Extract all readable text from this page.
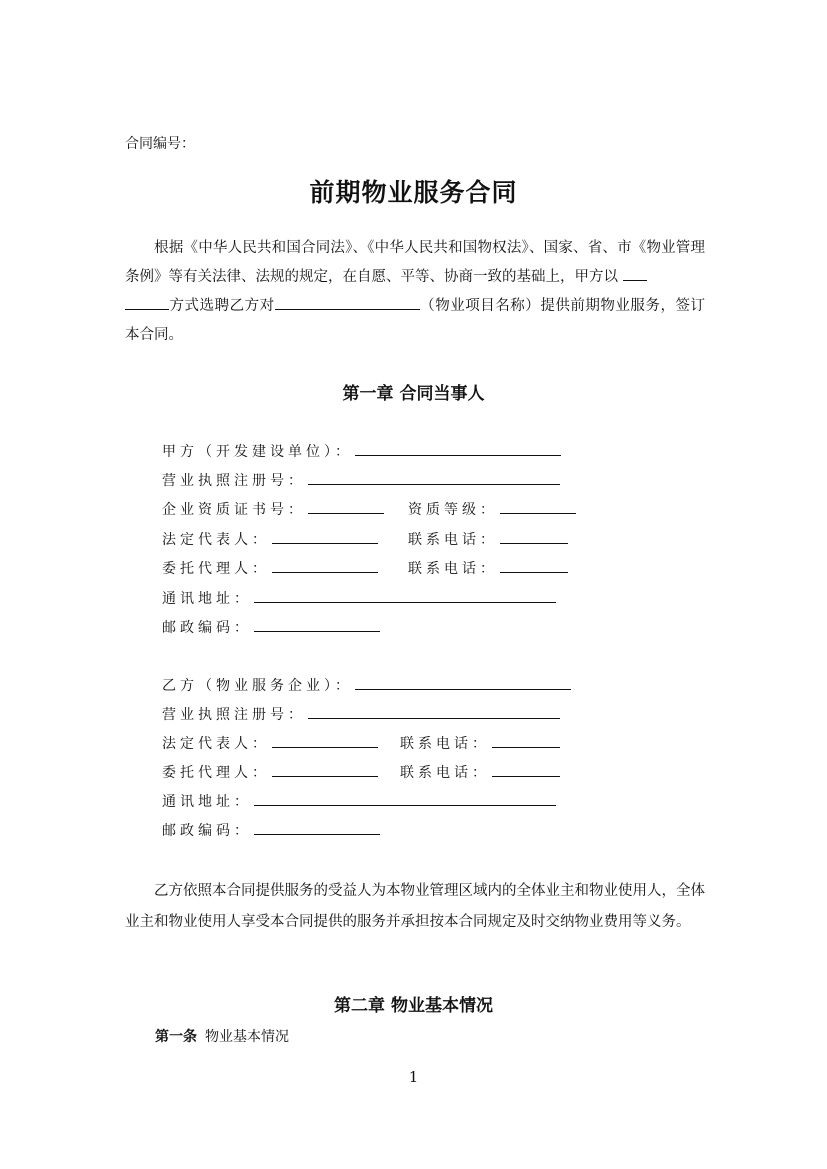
合同编号：
前期物业服务合同

根据《中华人民共和国合同法》、《中华人民共和国物权法》、国家、省、市《物业管理条例》等有关法律、法规的规定，在自愿、平等、协商一致的基础上，甲方以
方式选聘乙方对	（物业项目名称）提供前期物业服务，签订本合同。

第一章 合同当事人
甲方（开发建设单位）：
营业执照注册号：
企业资质证书号：	资质等级：
法定代表人：	联系电话：
委托代理人：	联系电话：
通讯地址：
邮政编码：
乙方（物业服务企业）：
营业执照注册号：
法定代表人：	联系电话：
委托代理人：	联系电话：
通讯地址：
邮政编码：

乙方依照本合同提供服务的受益人为本物业管理区域内的全体业主和物业使用人，全体业主和物业使用人享受本合同提供的服务并承担按本合同规定及时交纳物业费用等义务。

第二章 物业基本情况
第一条 物业基本情况
1
